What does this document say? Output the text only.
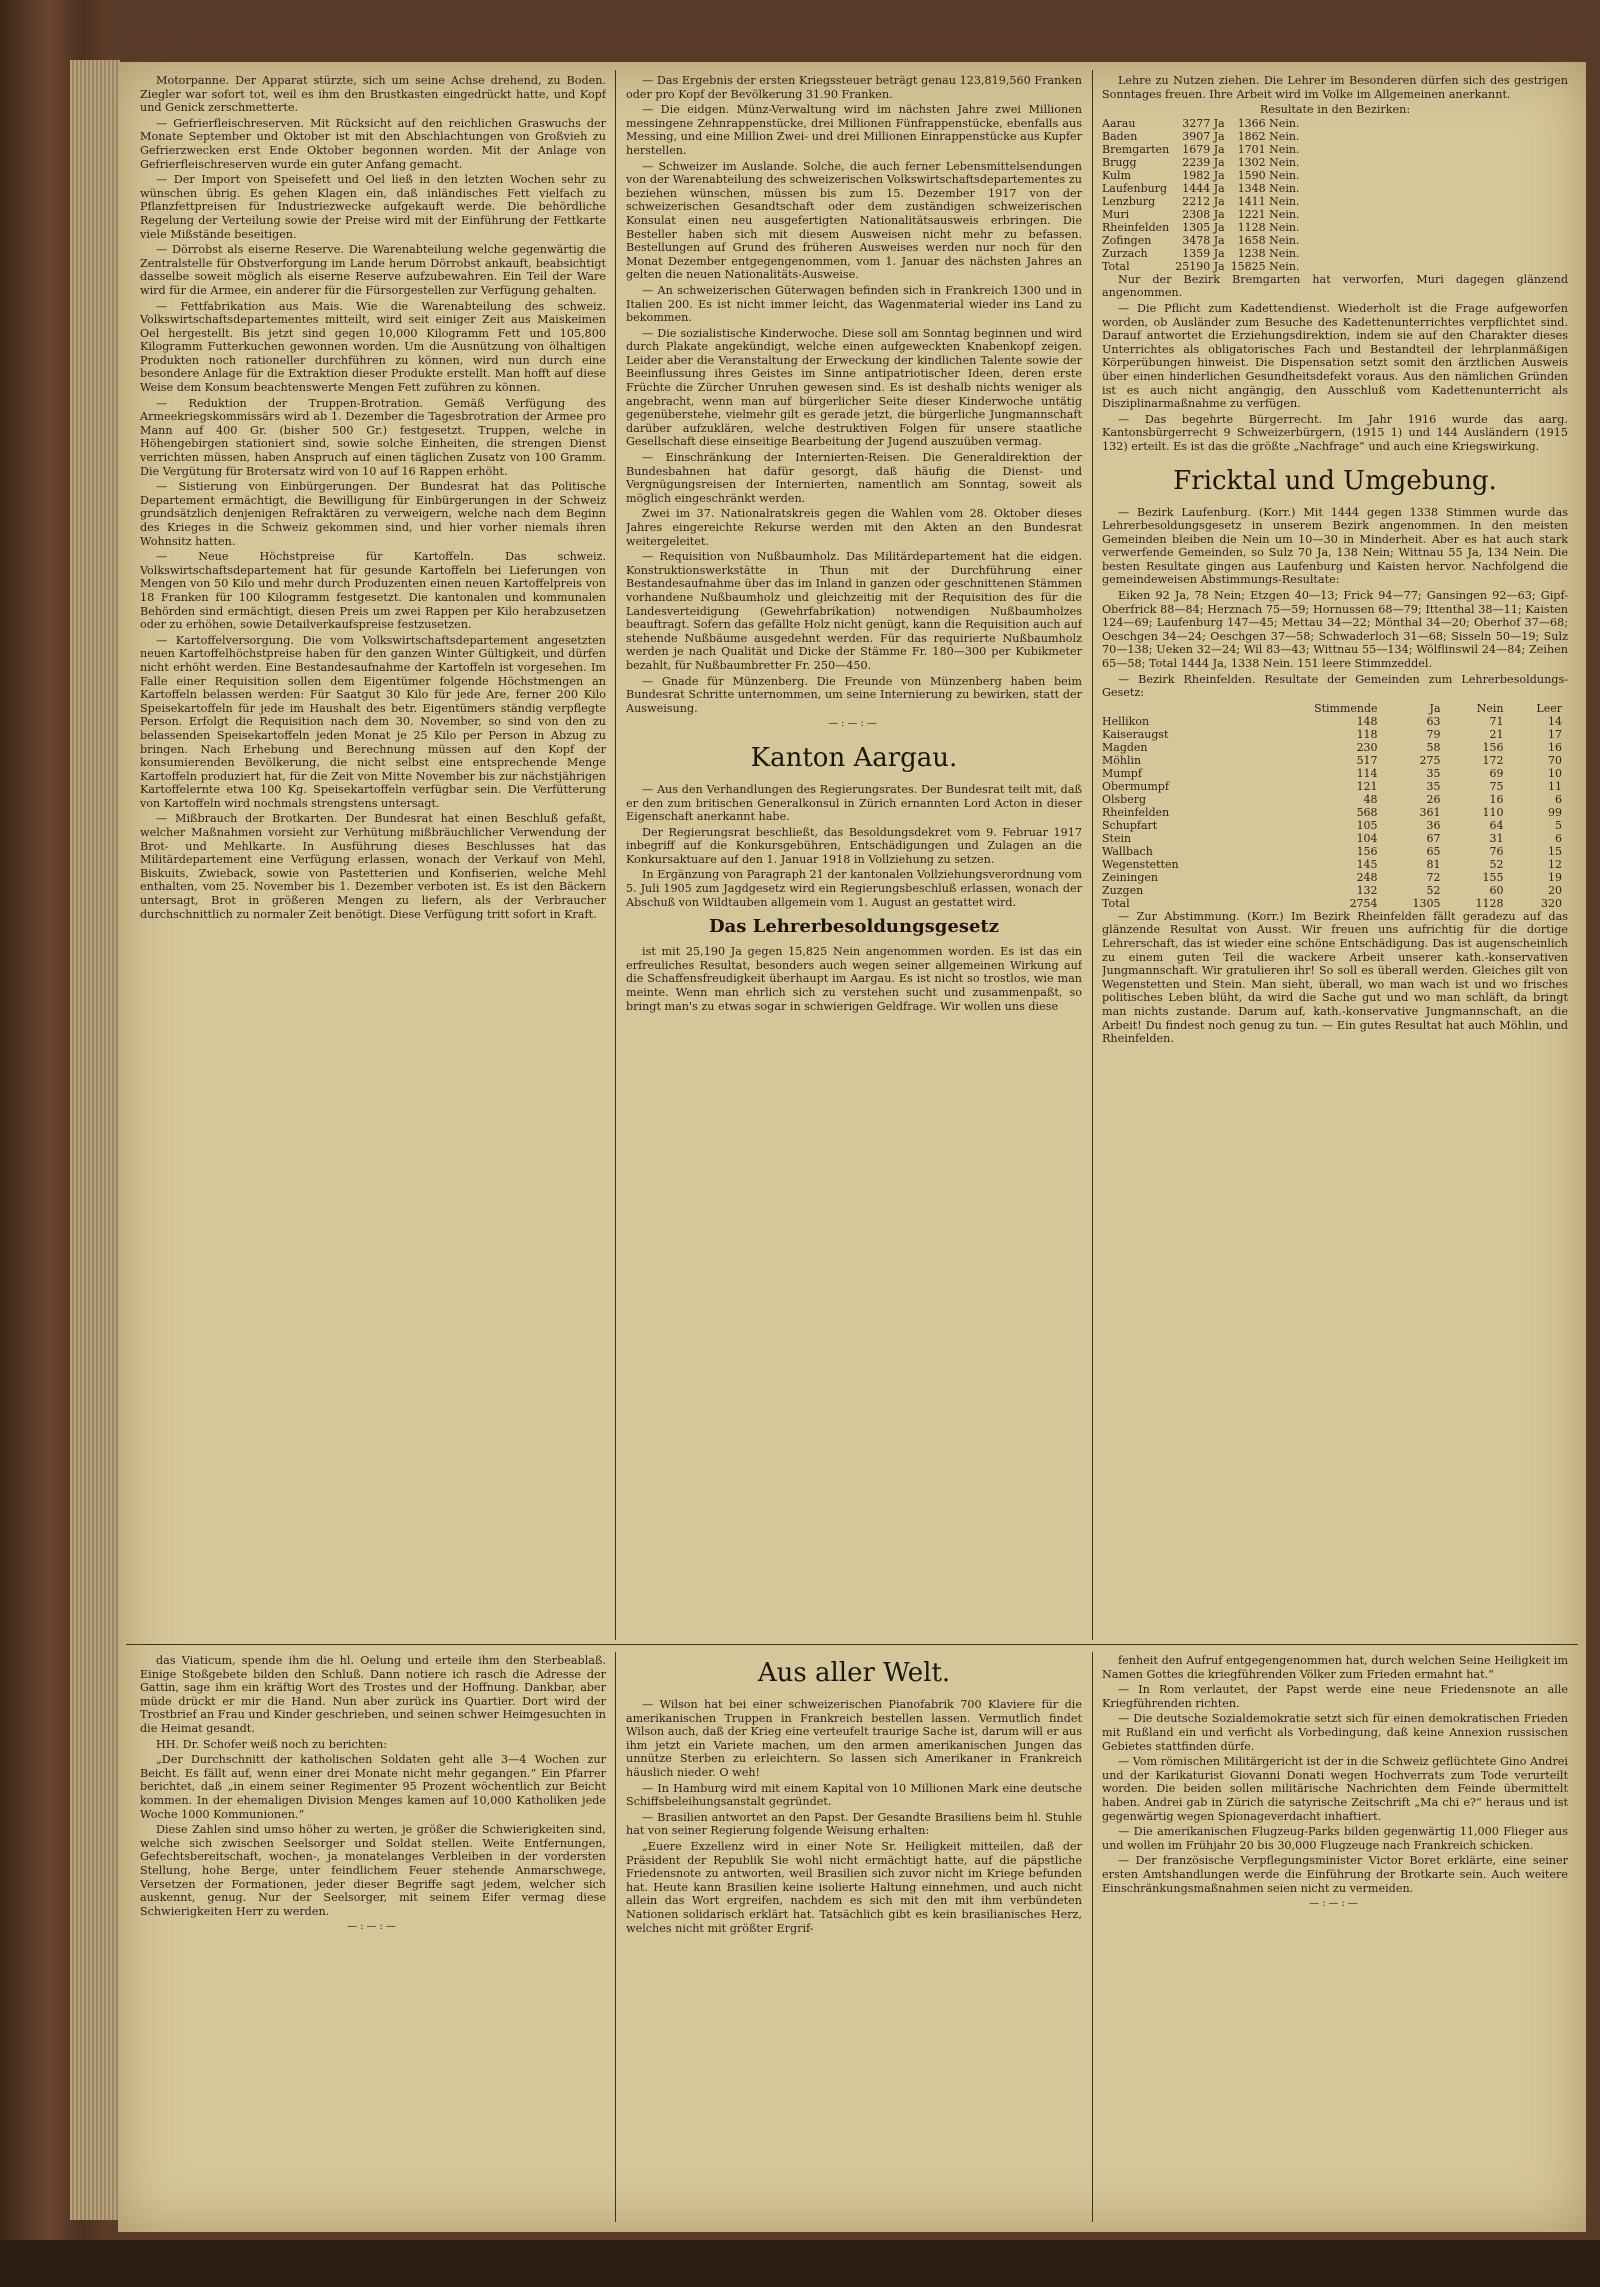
Motorpanne. Der Apparat stürzte, sich um seine Achse drehend, zu Boden. Ziegler war sofort tot, weil es ihm den Brustkasten eingedrückt hatte, und Kopf und Genick zerschmetterte.

— Gefrierfleischreserven. Mit Rücksicht auf den reichlichen Graswuchs der Monate September und Oktober ist mit den Abschlachtungen von Großvieh zu Gefrierzwecken erst Ende Oktober begonnen worden. Mit der Anlage von Gefrierfleischreserven wurde ein guter Anfang gemacht.

— Der Import von Speisefett und Oel ließ in den letzten Wochen sehr zu wünschen übrig. Es gehen Klagen ein, daß inländisches Fett vielfach zu Pflanzfettpreisen für Industriezwecke aufgekauft werde. Die behördliche Regelung der Verteilung sowie der Preise wird mit der Einführung der Fettkarte viele Mißstände beseitigen.

— Dörrobst als eiserne Reserve. Die Warenabteilung welche gegenwärtig die Zentralstelle für Obstverforgung im Lande herum Dörrobst ankauft, beabsichtigt dasselbe soweit möglich als eiserne Reserve aufzubewahren. Ein Teil der Ware wird für die Armee, ein anderer für die Fürsorgestellen zur Verfügung gehalten.

— Fettfabrikation aus Mais. Wie die Warenabteilung des schweiz. Volkswirtschaftsdepartementes mitteilt, wird seit einiger Zeit aus Maiskeimen Oel hergestellt. Bis jetzt sind gegen 10,000 Kilogramm Fett und 105,800 Kilogramm Futterkuchen gewonnen worden. Um die Ausnützung von ölhaltigen Produkten noch rationeller durchführen zu können, wird nun durch eine besondere Anlage für die Extraktion dieser Produkte erstellt. Man hofft auf diese Weise dem Konsum beachtenswerte Mengen Fett zuführen zu können.

— Reduktion der Truppen-Brotration. Gemäß Verfügung des Armeekriegskommissärs wird ab 1. Dezember die Tagesbrotration der Armee pro Mann auf 400 Gr. (bisher 500 Gr.) festgesetzt. Truppen, welche in Höhengebirgen stationiert sind, sowie solche Einheiten, die strengen Dienst verrichten müssen, haben Anspruch auf einen täglichen Zusatz von 100 Gramm. Die Vergütung für Brotersatz wird von 10 auf 16 Rappen erhöht.

— Sistierung von Einbürgerungen. Der Bundesrat hat das Politische Departement ermächtigt, die Bewilligung für Einbürgerungen in der Schweiz grundsätzlich denjenigen Refraktären zu verweigern, welche nach dem Beginn des Krieges in die Schweiz gekommen sind, und hier vorher niemals ihren Wohnsitz hatten.

— Neue Höchstpreise für Kartoffeln. Das schweiz. Volkswirtschaftsdepartement hat für gesunde Kartoffeln bei Lieferungen von Mengen von 50 Kilo und mehr durch Produzenten einen neuen Kartoffelpreis von 18 Franken für 100 Kilogramm festgesetzt. Die kantonalen und kommunalen Behörden sind ermächtigt, diesen Preis um zwei Rappen per Kilo herabzusetzen oder zu erhöhen, sowie Detailverkaufspreise festzusetzen.

— Kartoffelversorgung. Die vom Volkswirtschaftsdepartement angesetzten neuen Kartoffelhöchstpreise haben für den ganzen Winter Gültigkeit, und dürfen nicht erhöht werden. Eine Bestandesaufnahme der Kartoffeln ist vorgesehen. Im Falle einer Requisition sollen dem Eigentümer folgende Höchstmengen an Kartoffeln belassen werden: Für Saatgut 30 Kilo für jede Are, ferner 200 Kilo Speisekartoffeln für jede im Haushalt des betr. Eigentümers ständig verpflegte Person. Erfolgt die Requisition nach dem 30. November, so sind von den zu belassenden Speisekartoffeln jeden Monat je 25 Kilo per Person in Abzug zu bringen. Nach Erhebung und Berechnung müssen auf den Kopf der konsumierenden Bevölkerung, die nicht selbst eine entsprechende Menge Kartoffeln produziert hat, für die Zeit von Mitte November bis zur nächstjährigen Kartoffelernte etwa 100 Kg. Speisekartoffeln verfügbar sein. Die Verfütterung von Kartoffeln wird nochmals strengstens untersagt.

— Mißbrauch der Brotkarten. Der Bundesrat hat einen Beschluß gefaßt, welcher Maßnahmen vorsieht zur Verhütung mißbräuchlicher Verwendung der Brot- und Mehlkarte. In Ausführung dieses Beschlusses hat das Militärdepartement eine Verfügung erlassen, wonach der Verkauf von Mehl, Biskuits, Zwieback, sowie von Pastetterien und Konfiserien, welche Mehl enthalten, vom 25. November bis 1. Dezember verboten ist. Es ist den Bäckern untersagt, Brot in größeren Mengen zu liefern, als der Verbraucher durchschnittlich zu normaler Zeit benötigt. Diese Verfügung tritt sofort in Kraft.

— Das Ergebnis der ersten Kriegssteuer beträgt genau 123,819,560 Franken oder pro Kopf der Bevölkerung 31.90 Franken.

— Die eidgen. Münz-Verwaltung wird im nächsten Jahre zwei Millionen messingene Zehnrappenstücke, drei Millionen Fünfrappenstücke, ebenfalls aus Messing, und eine Million Zwei- und drei Millionen Einrappenstücke aus Kupfer herstellen.

— Schweizer im Auslande. Solche, die auch ferner Lebensmittelsendungen von der Warenabteilung des schweizerischen Volkswirtschaftsdepartementes zu beziehen wünschen, müssen bis zum 15. Dezember 1917 von der schweizerischen Gesandtschaft oder dem zuständigen schweizerischen Konsulat einen neu ausgefertigten Nationalitätsausweis erbringen. Die Besteller haben sich mit diesem Ausweisen nicht mehr zu befassen. Bestellungen auf Grund des früheren Ausweises werden nur noch für den Monat Dezember entgegengenommen, vom 1. Januar des nächsten Jahres an gelten die neuen Nationalitäts-Ausweise.

— An schweizerischen Güterwagen befinden sich in Frankreich 1300 und in Italien 200. Es ist nicht immer leicht, das Wagenmaterial wieder ins Land zu bekommen.

— Die sozialistische Kinderwoche. Diese soll am Sonntag beginnen und wird durch Plakate angekündigt, welche einen aufgeweckten Knabenkopf zeigen. Leider aber die Veranstaltung der Erweckung der kindlichen Talente sowie der Beeinflussung ihres Geistes im Sinne antipatriotischer Ideen, deren erste Früchte die Zürcher Unruhen gewesen sind. Es ist deshalb nichts weniger als angebracht, wenn man auf bürgerlicher Seite dieser Kinderwoche untätig gegenüberstehe, vielmehr gilt es gerade jetzt, die bürgerliche Jungmannschaft darüber aufzuklären, welche destruktiven Folgen für unsere staatliche Gesellschaft diese einseitige Bearbeitung der Jugend auszuüben vermag.

— Einschränkung der Internierten-Reisen. Die Generaldirektion der Bundesbahnen hat dafür gesorgt, daß häufig die Dienst- und Vergnügungsreisen der Internierten, namentlich am Sonntag, soweit als möglich eingeschränkt werden.

Zwei im 37. Nationalratskreis gegen die Wahlen vom 28. Oktober dieses Jahres eingereichte Rekurse werden mit den Akten an den Bundesrat weitergeleitet.

— Requisition von Nußbaumholz. Das Militärdepartement hat die eidgen. Konstruktionswerkstätte in Thun mit der Durchführung einer Bestandesaufnahme über das im Inland in ganzen oder geschnittenen Stämmen vorhandene Nußbaumholz und gleichzeitig mit der Requisition des für die Landesverteidigung (Gewehrfabrikation) notwendigen Nußbaumholzes beauftragt. Sofern das gefällte Holz nicht genügt, kann die Requisition auch auf stehende Nußbäume ausgedehnt werden. Für das requirierte Nußbaumholz werden je nach Qualität und Dicke der Stämme Fr. 180—300 per Kubikmeter bezahlt, für Nußbaumbretter Fr. 250—450.

— Gnade für Münzenberg. Die Freunde von Münzenberg haben beim Bundesrat Schritte unternommen, um seine Internierung zu bewirken, statt der Ausweisung.

—:—:—
Kanton Aargau.

— Aus den Verhandlungen des Regierungsrates. Der Bundesrat teilt mit, daß er den zum britischen Generalkonsul in Zürich ernannten Lord Acton in dieser Eigenschaft anerkannt habe.

Der Regierungsrat beschließt, das Besoldungsdekret vom 9. Februar 1917 inbegriff auf die Konkursgebühren, Entschädigungen und Zulagen an die Konkursaktuare auf den 1. Januar 1918 in Vollziehung zu setzen.

In Ergänzung von Paragraph 21 der kantonalen Vollziehungsverordnung vom 5. Juli 1905 zum Jagdgesetz wird ein Regierungsbeschluß erlassen, wonach der Abschuß von Wildtauben allgemein vom 1. August an gestattet wird.

Das Lehrerbesoldungsgesetz

ist mit 25,190 Ja gegen 15,825 Nein angenommen worden. Es ist das ein erfreuliches Resultat, besonders auch wegen seiner allgemeinen Wirkung auf die Schaffensfreudigkeit überhaupt im Aargau. Es ist nicht so trostlos, wie man meinte. Wenn man ehrlich sich zu verstehen sucht und zusammenpaßt, so bringt man's zu etwas sogar in schwierigen Geldfrage. Wir wollen uns diese

Lehre zu Nutzen ziehen. Die Lehrer im Besonderen dürfen sich des gestrigen Sonntages freuen. Ihre Arbeit wird im Volke im Allgemeinen anerkannt.

Resultate in den Bezirken:
Aarau	3277 Ja	1366 Nein.
Baden	3907 Ja	1862 Nein.
Bremgarten	1679 Ja	1701 Nein.
Brugg	2239 Ja	1302 Nein.
Kulm	1982 Ja	1590 Nein.
Laufenburg	1444 Ja	1348 Nein.
Lenzburg	2212 Ja	1411 Nein.
Muri	2308 Ja	1221 Nein.
Rheinfelden	1305 Ja	1128 Nein.
Zofingen	3478 Ja	1658 Nein.
Zurzach	1359 Ja	1238 Nein.
Total	25190 Ja	15825 Nein.

Nur der Bezirk Bremgarten hat verworfen, Muri dagegen glänzend angenommen.

— Die Pflicht zum Kadettendienst. Wiederholt ist die Frage aufgeworfen worden, ob Ausländer zum Besuche des Kadettenunterrichtes verpflichtet sind. Darauf antwortet die Erziehungsdirektion, indem sie auf den Charakter dieses Unterrichtes als obligatorisches Fach und Bestandteil der lehrplanmäßigen Körperübungen hinweist. Die Dispensation setzt somit den ärztlichen Ausweis über einen hinderlichen Gesundheitsdefekt voraus. Aus den nämlichen Gründen ist es auch nicht angängig, den Ausschluß vom Kadettenunterricht als Disziplinarmaßnahme zu verfügen.

— Das begehrte Bürgerrecht. Im Jahr 1916 wurde das aarg. Kantonsbürgerrecht 9 Schweizerbürgern, (1915 1) und 144 Ausländern (1915 132) erteilt. Es ist das die größte „Nachfrage“ und auch eine Kriegswirkung.

Fricktal und Umgebung.

— Bezirk Laufenburg. (Korr.) Mit 1444 gegen 1338 Stimmen wurde das Lehrerbesoldungsgesetz in unserem Bezirk angenommen. In den meisten Gemeinden bleiben die Nein um 10—30 in Minderheit. Aber es hat auch stark verwerfende Gemeinden, so Sulz 70 Ja, 138 Nein; Wittnau 55 Ja, 134 Nein. Die besten Resultate gingen aus Laufenburg und Kaisten hervor. Nachfolgend die gemeindeweisen Abstimmungs-Resultate:

Eiken 92 Ja, 78 Nein; Etzgen 40—13; Frick 94—77; Gansingen 92—63; Gipf-Oberfrick 88—84; Herznach 75—59; Hornussen 68—79; Ittenthal 38—11; Kaisten 124—69; Laufenburg 147—45; Mettau 34—22; Mönthal 34—20; Oberhof 37—68; Oeschgen 34—24; Oeschgen 37—58; Schwaderloch 31—68; Sisseln 50—19; Sulz 70—138; Ueken 32—24; Wil 83—43; Wittnau 55—134; Wölflinswil 24—84; Zeihen 65—58; Total 1444 Ja, 1338 Nein. 151 leere Stimmzeddel.

— Bezirk Rheinfelden. Resultate der Gemeinden zum Lehrerbesoldungs-Gesetz:

	Stimmende	Ja	Nein	Leer
Hellikon	148	63	71	14
Kaiseraugst	118	79	21	17
Magden	230	58	156	16
Möhlin	517	275	172	70
Mumpf	114	35	69	10
Obermumpf	121	35	75	11
Olsberg	48	26	16	6
Rheinfelden	568	361	110	99
Schupfart	105	36	64	5
Stein	104	67	31	6
Wallbach	156	65	76	15
Wegenstetten	145	81	52	12
Zeiningen	248	72	155	19
Zuzgen	132	52	60	20
Total	2754	1305	1128	320

— Zur Abstimmung. (Korr.) Im Bezirk Rheinfelden fällt geradezu auf das glänzende Resultat von Ausst. Wir freuen uns aufrichtig für die dortige Lehrerschaft, das ist wieder eine schöne Entschädigung. Das ist augenscheinlich zu einem guten Teil die wackere Arbeit unserer kath.-konservativen Jungmannschaft. Wir gratulieren ihr! So soll es überall werden. Gleiches gilt von Wegenstetten und Stein. Man sieht, überall, wo man wach ist und wo frisches politisches Leben blüht, da wird die Sache gut und wo man schläft, da bringt man nichts zustande. Darum auf, kath.-konservative Jungmannschaft, an die Arbeit! Du findest noch genug zu tun. — Ein gutes Resultat hat auch Möhlin, und Rheinfelden.

das Viaticum, spende ihm die hl. Oelung und erteile ihm den Sterbeablaß. Einige Stoßgebete bilden den Schluß. Dann notiere ich rasch die Adresse der Gattin, sage ihm ein kräftig Wort des Trostes und der Hoffnung. Dankbar, aber müde drückt er mir die Hand. Nun aber zurück ins Quartier. Dort wird der Trostbrief an Frau und Kinder geschrieben, und seinen schwer Heimgesuchten in die Heimat gesandt.

HH. Dr. Schofer weiß noch zu berichten:

„Der Durchschnitt der katholischen Soldaten geht alle 3—4 Wochen zur Beicht. Es fällt auf, wenn einer drei Monate nicht mehr gegangen.“ Ein Pfarrer berichtet, daß „in einem seiner Regimenter 95 Prozent wöchentlich zur Beicht kommen. In der ehemaligen Division Menges kamen auf 10,000 Katholiken jede Woche 1000 Kommunionen.“

Diese Zahlen sind umso höher zu werten, je größer die Schwierigkeiten sind, welche sich zwischen Seelsorger und Soldat stellen. Weite Entfernungen, Gefechtsbereitschaft, wochen-, ja monatelanges Verbleiben in der vordersten Stellung, hohe Berge, unter feindlichem Feuer stehende Anmarschwege, Versetzen der Formationen, jeder dieser Begriffe sagt jedem, welcher sich auskennt, genug. Nur der Seelsorger, mit seinem Eifer vermag diese Schwierigkeiten Herr zu werden.

—:—:—
Aus aller Welt.

— Wilson hat bei einer schweizerischen Pianofabrik 700 Klaviere für die amerikanischen Truppen in Frankreich bestellen lassen. Vermutlich findet Wilson auch, daß der Krieg eine verteufelt traurige Sache ist, darum will er aus ihm jetzt ein Variete machen, um den armen amerikanischen Jungen das unnütze Sterben zu erleichtern. So lassen sich Amerikaner in Frankreich häuslich nieder. O weh!

— In Hamburg wird mit einem Kapital von 10 Millionen Mark eine deutsche Schiffsbeleihungsanstalt gegründet.

— Brasilien antwortet an den Papst. Der Gesandte Brasiliens beim hl. Stuhle hat von seiner Regierung folgende Weisung erhalten:

„Euere Exzellenz wird in einer Note Sr. Heiligkeit mitteilen, daß der Präsident der Republik Sie wohl nicht ermächtigt hatte, auf die päpstliche Friedensnote zu antworten, weil Brasilien sich zuvor nicht im Kriege befunden hat. Heute kann Brasilien keine isolierte Haltung einnehmen, und auch nicht allein das Wort ergreifen, nachdem es sich mit den mit ihm verbündeten Nationen solidarisch erklärt hat. Tatsächlich gibt es kein brasilianisches Herz, welches nicht mit größter Ergrif-

fenheit den Aufruf entgegengenommen hat, durch welchen Seine Heiligkeit im Namen Gottes die kriegführenden Völker zum Frieden ermahnt hat.“

— In Rom verlautet, der Papst werde eine neue Friedensnote an alle Kriegführenden richten.

— Die deutsche Sozialdemokratie setzt sich für einen demokratischen Frieden mit Rußland ein und verficht als Vorbedingung, daß keine Annexion russischen Gebietes stattfinden dürfe.

— Vom römischen Militärgericht ist der in die Schweiz geflüchtete Gino Andrei und der Karikaturist Giovanni Donati wegen Hochverrats zum Tode verurteilt worden. Die beiden sollen militärische Nachrichten dem Feinde übermittelt haben. Andrei gab in Zürich die satyrische Zeitschrift „Ma chi e?“ heraus und ist gegenwärtig wegen Spionageverdacht inhaftiert.

— Die amerikanischen Flugzeug-Parks bilden gegenwärtig 11,000 Flieger aus und wollen im Frühjahr 20 bis 30,000 Flugzeuge nach Frankreich schicken.

— Der französische Verpflegungsminister Victor Boret erklärte, eine seiner ersten Amtshandlungen werde die Einführung der Brotkarte sein. Auch weitere Einschränkungsmaßnahmen seien nicht zu vermeiden.

—:—:—
